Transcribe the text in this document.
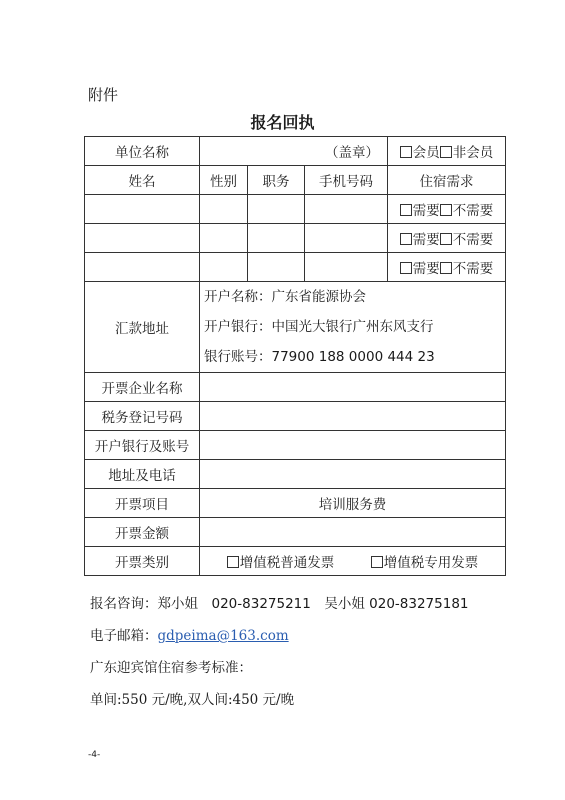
附件
报名回执
单位名称	（盖章）			会员 非会员
姓名	性别	职务	手机号码	住宿需求
				需要 不需要
				需要 不需要
				需要 不需要
汇款地址	开户名称：广东省能源协会
开户银行：中国光大银行广州东风支行
银行账号：77900 188 0000 444 23			

开票企业名称				
税务登记号码				
开户银行及账号				
地址及电话				
开票项目	培训服务费			
开票金额				
开票类别	增值税普通发票 增值税专用发票			
报名咨询：郑小姐　020-83275211　吴小姐 020-83275181
电子邮箱：gdpeima@163.com
广东迎宾馆住宿参考标准：
单间:550 元/晚,双人间:450 元/晚
-4-
